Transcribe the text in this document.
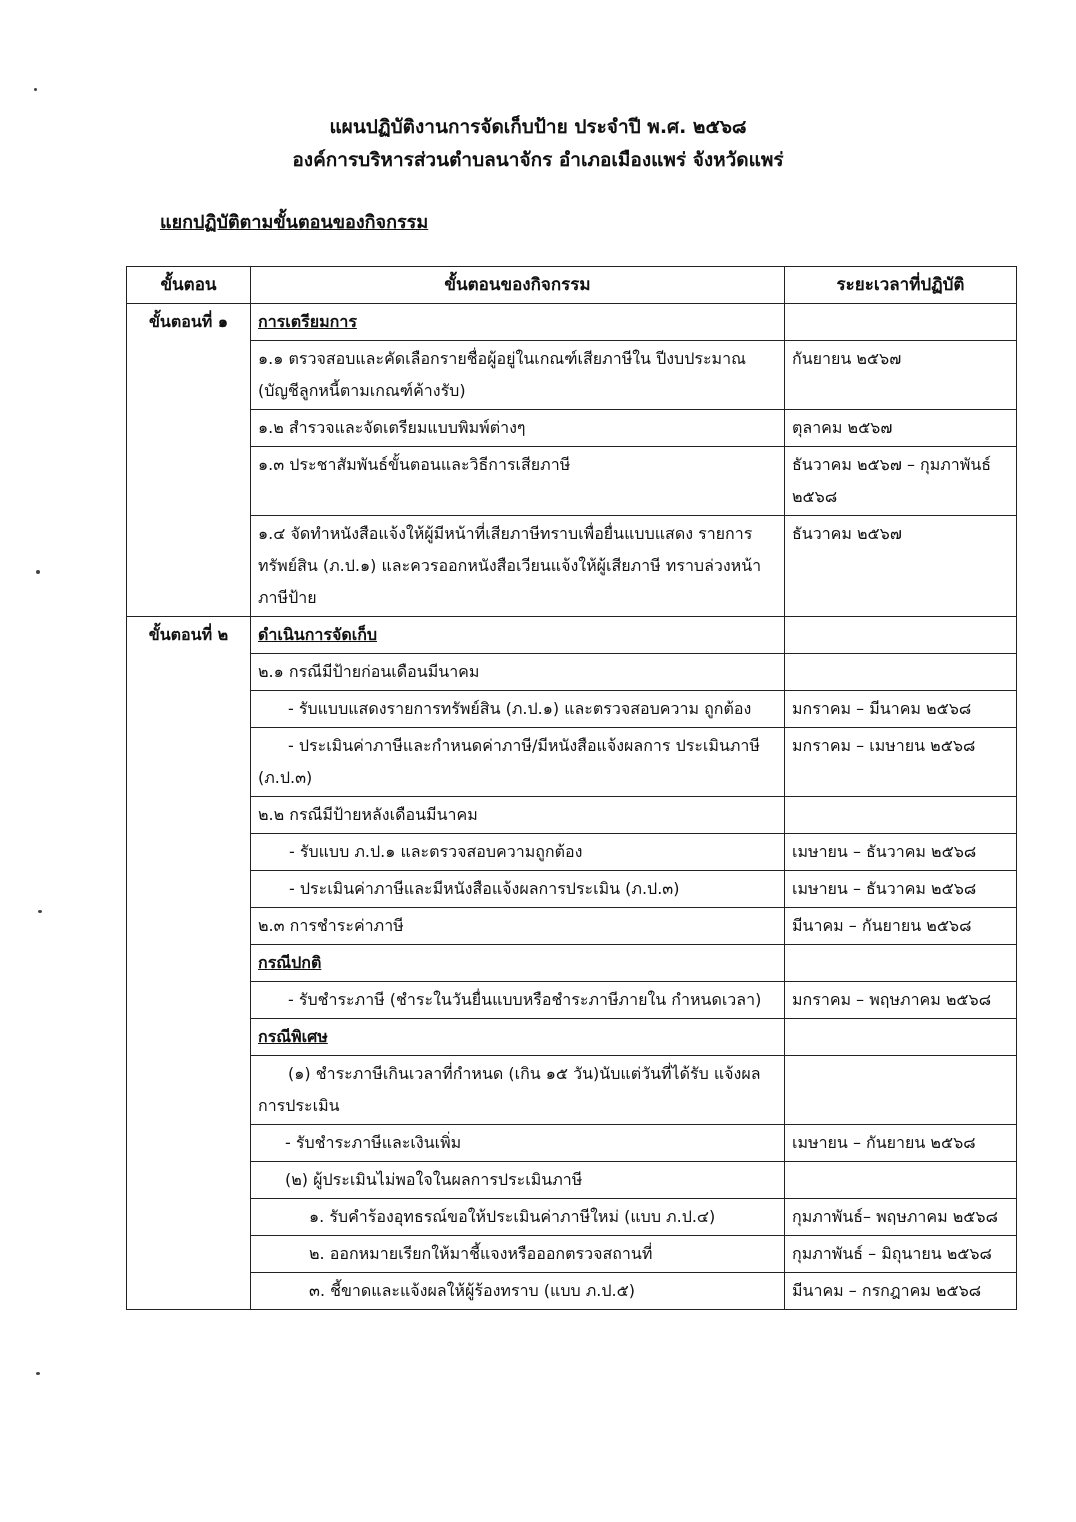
แผนปฏิบัติงานการจัดเก็บป้าย ประจำปี พ.ศ. ๒๕๖๘
องค์การบริหารส่วนตำบลนาจักร อำเภอเมืองแพร่ จังหวัดแพร่
แยกปฏิบัติตามขั้นตอนของกิจกรรม
ขั้นตอน	ขั้นตอนของกิจกรรม	ระยะเวลาที่ปฏิบัติ
ขั้นตอนที่ ๑	การเตรียมการ	
	๑.๑ ตรวจสอบและคัดเลือกรายชื่อผู้อยู่ในเกณฑ์เสียภาษีใน ปีงบประมาณ (บัญชีลูกหนี้ตามเกณฑ์ค้างรับ)	กันยายน ๒๕๖๗
	๑.๒ สำรวจและจัดเตรียมแบบพิมพ์ต่างๆ	ตุลาคม ๒๕๖๗
	๑.๓ ประชาสัมพันธ์ขั้นตอนและวิธีการเสียภาษี	ธันวาคม ๒๕๖๗ – กุมภาพันธ์ ๒๕๖๘
	๑.๔ จัดทำหนังสือแจ้งให้ผู้มีหน้าที่เสียภาษีทราบเพื่อยื่นแบบแสดง รายการทรัพย์สิน (ภ.ป.๑) และควรออกหนังสือเวียนแจ้งให้ผู้เสียภาษี ทราบล่วงหน้าภาษีป้าย	ธันวาคม ๒๕๖๗
ขั้นตอนที่ ๒	ดำเนินการจัดเก็บ	
	๒.๑ กรณีมีป้ายก่อนเดือนมีนาคม	
	- รับแบบแสดงรายการทรัพย์สิน (ภ.ป.๑) และตรวจสอบความ ถูกต้อง	มกราคม – มีนาคม ๒๕๖๘
	- ประเมินค่าภาษีและกำหนดค่าภาษี/มีหนังสือแจ้งผลการ ประเมินภาษี (ภ.ป.๓)	มกราคม – เมษายน ๒๕๖๘
	๒.๒ กรณีมีป้ายหลังเดือนมีนาคม	
	- รับแบบ ภ.ป.๑ และตรวจสอบความถูกต้อง	เมษายน – ธันวาคม ๒๕๖๘
	- ประเมินค่าภาษีและมีหนังสือแจ้งผลการประเมิน (ภ.ป.๓)	เมษายน – ธันวาคม ๒๕๖๘
	๒.๓ การชำระค่าภาษี	มีนาคม – กันยายน ๒๕๖๘
	กรณีปกติ	
	- รับชำระภาษี (ชำระในวันยื่นแบบหรือชำระภาษีภายใน กำหนดเวลา)	มกราคม – พฤษภาคม ๒๕๖๘
	กรณีพิเศษ	
	(๑) ชำระภาษีเกินเวลาที่กำหนด (เกิน ๑๕ วัน)นับแต่วันที่ได้รับ แจ้งผลการประเมิน	
	- รับชำระภาษีและเงินเพิ่ม	เมษายน – กันยายน ๒๕๖๘
	(๒) ผู้ประเมินไม่พอใจในผลการประเมินภาษี	
	๑. รับคำร้องอุทธรณ์ขอให้ประเมินค่าภาษีใหม่ (แบบ ภ.ป.๔)	กุมภาพันธ์– พฤษภาคม ๒๕๖๘
	๒. ออกหมายเรียกให้มาชี้แจงหรือออกตรวจสถานที่	กุมภาพันธ์ – มิถุนายน ๒๕๖๘
	๓. ชี้ขาดและแจ้งผลให้ผู้ร้องทราบ (แบบ ภ.ป.๕)	มีนาคม – กรกฎาคม ๒๕๖๘
